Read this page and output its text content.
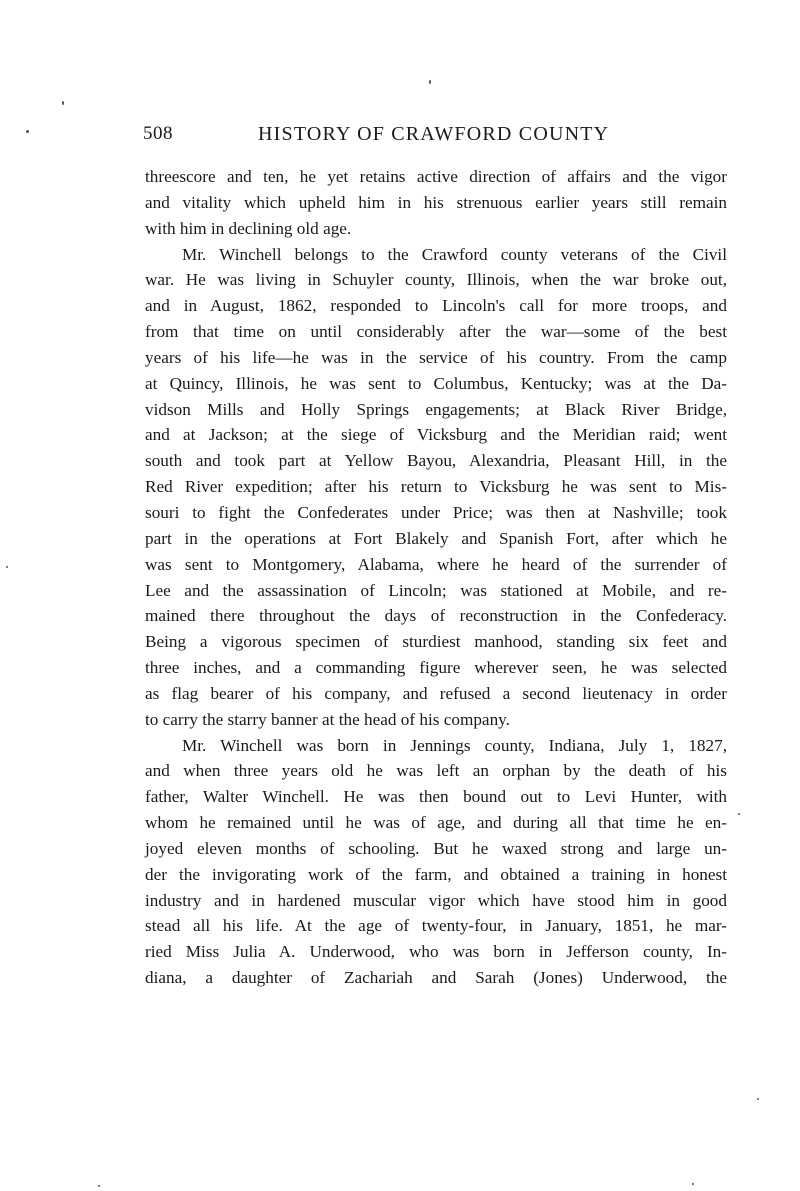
508	HISTORY OF CRAWFORD COUNTY
threescore and ten, he yet retains active direction of affairs and the vigor
and vitality which upheld him in his strenuous earlier years still remain
with him in declining old age.
Mr. Winchell belongs to the Crawford county veterans of the Civil
war. He was living in Schuyler county, Illinois, when the war broke out,
and in August, 1862, responded to Lincoln's call for more troops, and
from that time on until considerably after the war—some of the best
years of his life—he was in the service of his country. From the camp
at Quincy, Illinois, he was sent to Columbus, Kentucky; was at the Da-
vidson Mills and Holly Springs engagements; at Black River Bridge,
and at Jackson; at the siege of Vicksburg and the Meridian raid; went
south and took part at Yellow Bayou, Alexandria, Pleasant Hill, in the
Red River expedition; after his return to Vicksburg he was sent to Mis-
souri to fight the Confederates under Price; was then at Nashville; took
part in the operations at Fort Blakely and Spanish Fort, after which he
was sent to Montgomery, Alabama, where he heard of the surrender of
Lee and the assassination of Lincoln; was stationed at Mobile, and re-
mained there throughout the days of reconstruction in the Confederacy.
Being a vigorous specimen of sturdiest manhood, standing six feet and
three inches, and a commanding figure wherever seen, he was selected
as flag bearer of his company, and refused a second lieutenacy in order
to carry the starry banner at the head of his company.
Mr. Winchell was born in Jennings county, Indiana, July 1, 1827,
and when three years old he was left an orphan by the death of his
father, Walter Winchell. He was then bound out to Levi Hunter, with
whom he remained until he was of age, and during all that time he en-
joyed eleven months of schooling. But he waxed strong and large un-
der the invigorating work of the farm, and obtained a training in honest
industry and in hardened muscular vigor which have stood him in good
stead all his life. At the age of twenty-four, in January, 1851, he mar-
ried Miss Julia A. Underwood, who was born in Jefferson county, In-
diana, a daughter of Zachariah and Sarah (Jones) Underwood, the
